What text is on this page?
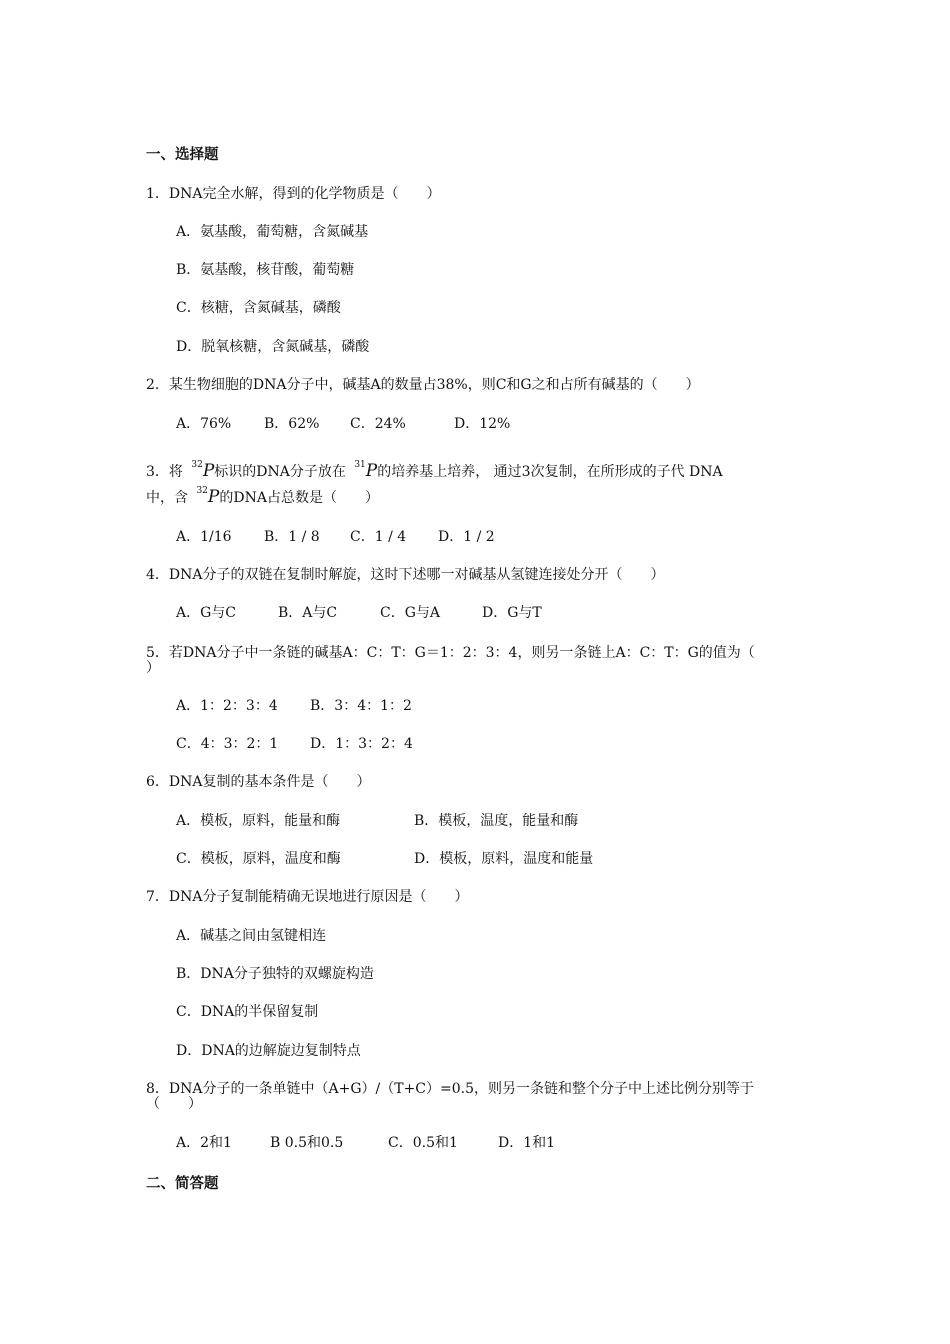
一、选择题
1．DNA完全水解，得到的化学物质是（　　）
A．氨基酸，葡萄糖，含氮碱基
B．氨基酸，核苷酸，葡萄糖
C．核糖，含氮碱基，磷酸
D．脱氧核糖，含氮碱基，磷酸
2．某生物细胞的DNA分子中，碱基A的数量占38%，则C和G之和占所有碱基的（　　）
A．76% B．62% C．24%	D．12%
3．将 $^{32}$P标识的DNA分子放在 $^{31}$P的培养基上培养， 通过3次复制，在所形成的子代 DNA
中，含 $^{32}$P的DNA占总数是（　　）
A．1/16 B．1 / 8 C．1 / 4 D．1 / 2
4．DNA分子的双链在复制时解旋，这时下述哪一对碱基从氢键连接处分开（　　）
A．G与C	B．A与C	C．G与A	D．G与T
5．若DNA分子中一条链的碱基A：C：T：G＝1：2：3：4，则另一条链上A：C：T：G的值为（
）
A．1：2：3：4 B．3：4：1：2
C．4：3：2：1 D．1：3：2：4
6．DNA复制的基本条件是（　　）
A．模板，原料，能量和酶	B．模板，温度，能量和酶
C．模板，原料，温度和酶	D．模板，原料，温度和能量
7．DNA分子复制能精确无误地进行原因是（　　）
A．碱基之间由氢键相连
B．DNA分子独特的双螺旋构造
C．DNA的半保留复制
D．DNA的边解旋边复制特点
8．DNA分子的一条单链中（A+G）/（T+C）=0.5，则另一条链和整个分子中上述比例分别等于
（　　）
A．2和1	B 0.5和0.5	C．0.5和1	D．1和1
二、简答题
